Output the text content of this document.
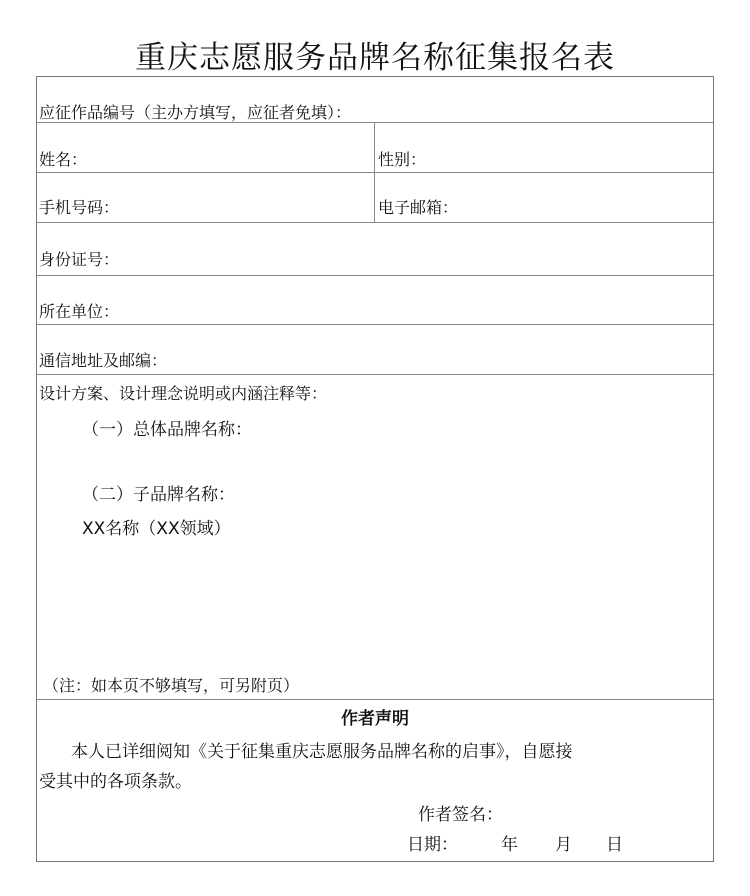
重庆志愿服务品牌名称征集报名表
应征作品编号（主办方填写，应征者免填）：
姓名：	性别：
手机号码：	电子邮箱：
身份证号：
所在单位：
通信地址及邮编：
设计方案、设计理念说明或内涵注释等：
（一）总体品牌名称：
（二）子品牌名称：
XX名称（XX领域）
（注：如本页不够填写，可另附页）
作者声明
本人已详细阅知《关于征集重庆志愿服务品牌名称的启事》，自愿接
受其中的各项条款。
作者签名：
日期：	年 月 日
